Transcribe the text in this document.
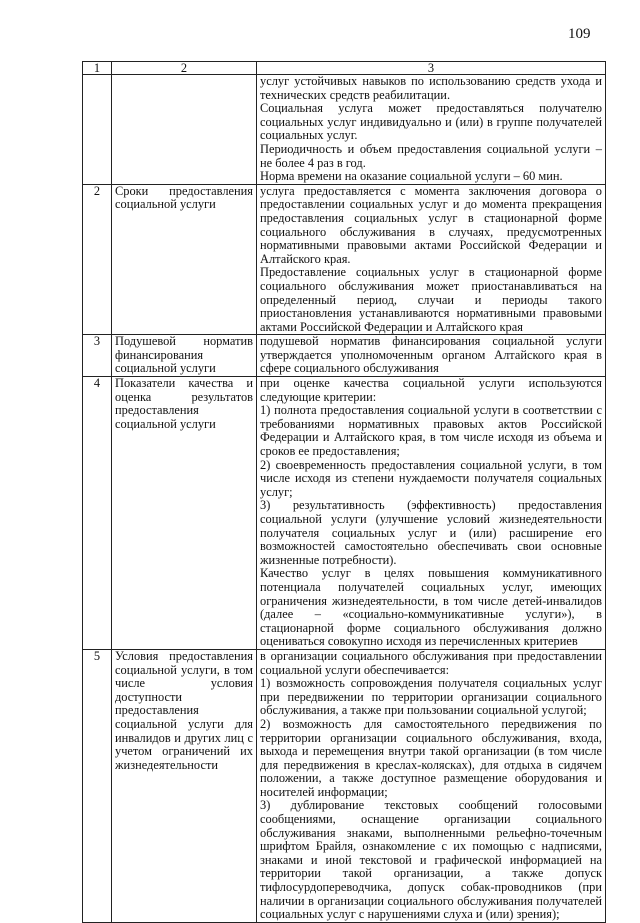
109
1	2	3

		услуг устойчивых навыков по использованию средств ухода и технических средств реабилитации.

Социальная услуга может предоставляться получателю социальных услуг индивидуально и (или) в группе получателей социальных услуг.

Периодичность и объем предоставления социальной услуги – не более 4 раз в год.

Норма времени на оказание социальной услуги – 60 мин.

2	Сроки предоставления социальной услуги	услуга предоставляется с момента заключения договора о предоставлении социальных услуг и до момента прекращения предоставления социальных услуг в стационарной форме социального обслуживания в случаях, предусмотренных нормативными правовыми актами Российской Федерации и Алтайского края.

Предоставление социальных услуг в стационарной форме социального обслуживания может приостанавливаться на определенный период, случаи и периоды такого приостановления устанавливаются нормативными правовыми актами Российской Федерации и Алтайского края

3	Подушевой норматив финансирования социальной услуги	подушевой норматив финансирования социальной услуги утверждается уполномоченным органом Алтайского края в сфере социального обслуживания

4	Показатели качества и оценка результатов предоставления социальной услуги	при оценке качества социальной услуги используются следующие критерии:

1) полнота предоставления социальной услуги в соответствии с требованиями нормативных правовых актов Российской Федерации и Алтайского края, в том числе исходя из объема и сроков ее предоставления;

2) своевременность предоставления социальной услуги, в том числе исходя из степени нуждаемости получателя социальных услуг;

3) результативность (эффективность) предоставления социальной услуги (улучшение условий жизнедеятельности получателя социальных услуг и (или) расширение его возможностей самостоятельно обеспечивать свои основные жизненные потребности).

Качество услуг в целях повышения коммуникативного потенциала получателей социальных услуг, имеющих ограничения жизнедеятельности, в том числе детей-инвалидов (далее – «социально-коммуникативные услуги»), в стационарной форме социального обслуживания должно оцениваться совокупно исходя из перечисленных критериев

5	Условия предоставления социальной услуги, в том числе условия доступности предоставления социальной услуги для инвалидов и других лиц с учетом ограничений их жизнедеятельности	в организации социального обслуживания при предоставлении социальной услуги обеспечивается:

1) возможность сопровождения получателя социальных услуг при передвижении по территории организации социального обслуживания, а также при пользовании социальной услугой;

2) возможность для самостоятельного передвижения по территории организации социального обслуживания, входа, выхода и перемещения внутри такой организации (в том числе для передвижения в креслах-колясках), для отдыха в сидячем положении, а также доступное размещение оборудования и носителей информации;

3) дублирование текстовых сообщений голосовыми сообщениями, оснащение организации социального обслуживания знаками, выполненными рельефно-точечным шрифтом Брайля, ознакомление с их помощью с надписями, знаками и иной текстовой и графической информацией на территории такой организации, а также допуск тифлосурдопереводчика, допуск собак-проводников (при наличии в организации социального обслуживания получателей социальных услуг с нарушениями слуха и (или) зрения);
